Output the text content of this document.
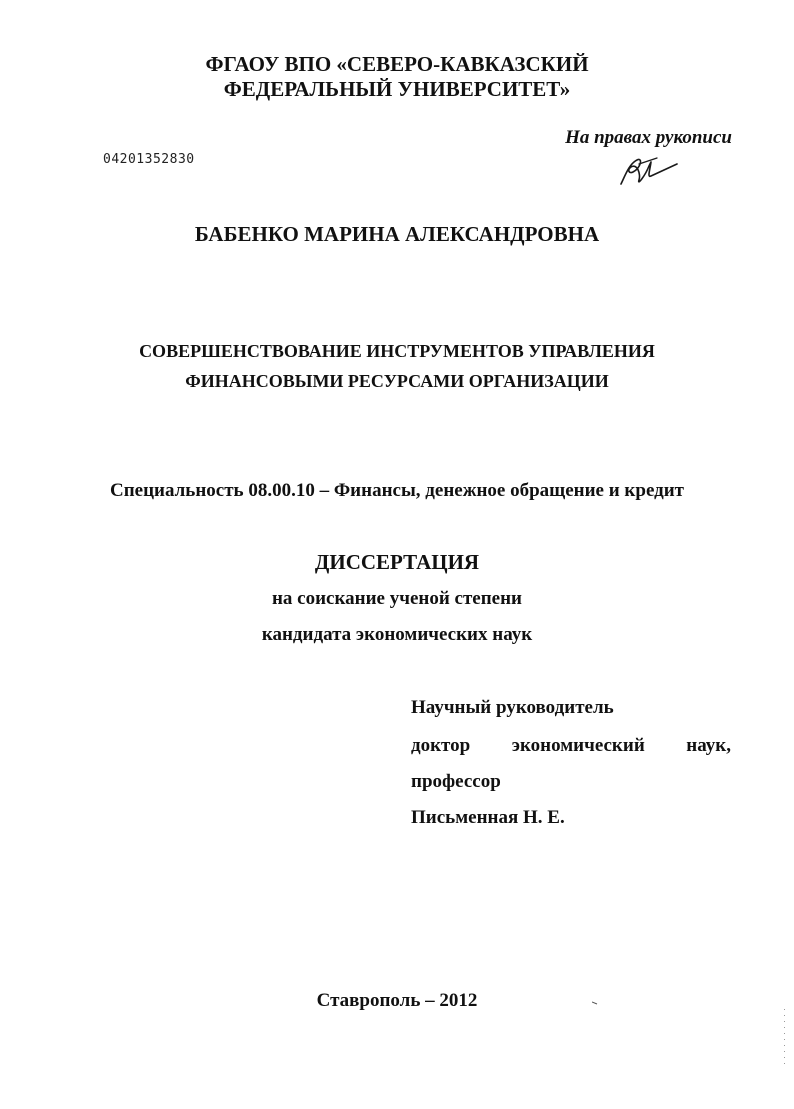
ФГАОУ ВПО «СЕВЕРО-КАВКАЗСКИЙ
ФЕДЕРАЛЬНЫЙ УНИВЕРСИТЕТ»
На правах рукописи
04201352830
БАБЕНКО МАРИНА АЛЕКСАНДРОВНА
СОВЕРШЕНСТВОВАНИЕ ИНСТРУМЕНТОВ УПРАВЛЕНИЯ
ФИНАНСОВЫМИ РЕСУРСАМИ ОРГАНИЗАЦИИ
Специальность 08.00.10 – Финансы, денежное обращение и кредит
ДИССЕРТАЦИЯ
на соискание ученой степени
кандидата экономических наук
Научный руководитель
доктор экономический наук,
профессор
Письменная Н. Е.
Ставрополь – 2012
